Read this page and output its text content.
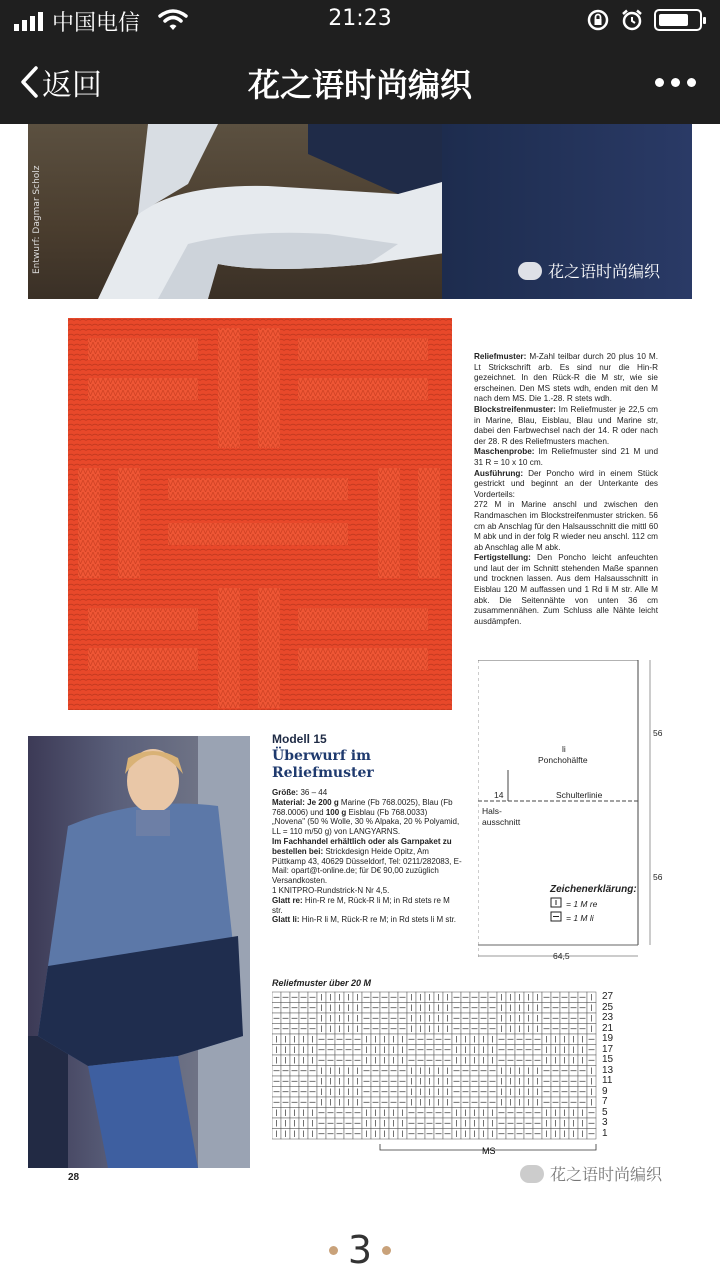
中国电信	21:23
返回	花之语时尚编织
Entwurf: Dagmar Scholz	花之语时尚编织

Reliefmuster: M-Zahl teilbar durch 20 plus 10 M. Lt Strickschrift arb. Es sind nur die Hin-R gezeichnet. In den Rück-R die M str, wie sie erscheinen. Den MS stets wdh, enden mit den M nach dem MS. Die 1.-28. R stets wdh.

Blockstreifenmuster: Im Reliefmuster je 22,5 cm in Marine, Blau, Eisblau, Blau und Marine str, dabei den Farbwechsel nach der 14. R oder nach der 28. R des Reliefmusters machen.

Maschenprobe: Im Reliefmuster sind 21 M und 31 R = 10 x 10 cm.

Ausführung: Der Poncho wird in einem Stück gestrickt und beginnt an der Unterkante des Vorderteils:

272 M in Marine anschl und zwischen den Randmaschen im Blockstreifenmuster stricken. 56 cm ab Anschlag für den Halsausschnitt die mittl 60 M abk und in der folg R wieder neu anschl. 112 cm ab Anschlag alle M abk.

Fertigstellung: Den Poncho leicht anfeuchten und laut der im Schnitt stehenden Maße spannen und trocknen lassen. Aus dem Halsausschnitt in Eisblau 120 M auffassen und 1 Rd li M str. Alle M abk. Die Seitennähte von unten 36 cm zusammennähen. Zum Schluss alle Nähte leicht ausdämpfen.

56
56
64,5
14
li
Ponchohälfte
Schulterlinie
Hals-
ausschnitt
Zeichenerklärung:
= 1 M re
= 1 M li
Modell 15
Überwurf im
Reliefmuster

Größe: 36 – 44

Material: Je 200 g Marine (Fb 768.0025), Blau (Fb 768.0006) und 100 g Eisblau (Fb 768.0033) „Novena" (50 % Wolle, 30 % Alpaka, 20 % Polyamid, LL = 110 m/50 g) von LANGYARNS.

Im Fachhandel erhältlich oder als Garnpaket zu bestellen bei: Strickdesign Heide Opitz, Am Püttkamp 43, 40629 Düsseldorf, Tel: 0211/282083, E-Mail: opart@t-online.de; für D€ 90,00 zuzüglich Versandkosten.

1 KNITPRO-Rundstrick-N Nr 4,5.

Glatt re: Hin-R re M, Rück-R li M; in Rd stets re M str.

Glatt li: Hin-R li M, Rück-R re M; in Rd stets li M str.

Reliefmuster über 20 M
27
25
23
21
19
17
15
13
11
9
7
5
3
1
MS
28	花之语时尚编织
3
